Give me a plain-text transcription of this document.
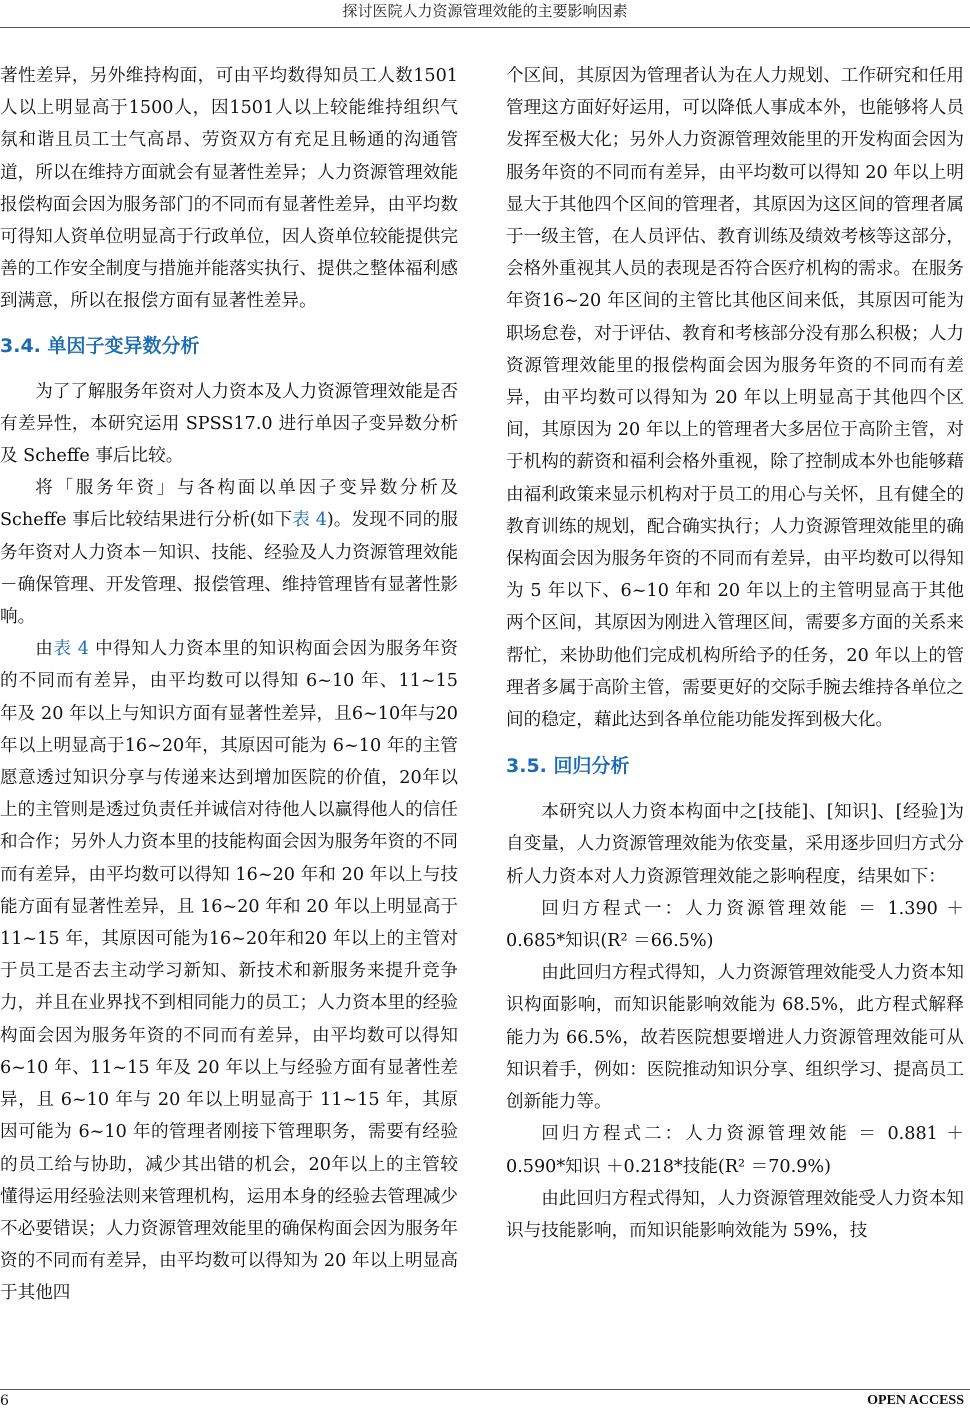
探讨医院人力资源管理效能的主要影响因素

著性差异，另外维持构面，可由平均数得知员工人数1501人以上明显高于1500人，因1501人以上较能维持组织气氛和谐且员工士气高昂、劳资双方有充足且畅通的沟通管道，所以在维持方面就会有显著性差异；人力资源管理效能报偿构面会因为服务部门的不同而有显著性差异，由平均数可得知人资单位明显高于行政单位，因人资单位较能提供完善的工作安全制度与措施并能落实执行、提供之整体福利感到满意，所以在报偿方面有显著性差异。

3.4. 单因子变异数分析

为了了解服务年资对人力资本及人力资源管理效能是否有差异性，本研究运用 SPSS17.0 进行单因子变异数分析及 Scheffe 事后比较。

将「服务年资」与各构面以单因子变异数分析及 Scheffe 事后比较结果进行分析(如下表 4)。发现不同的服务年资对人力资本－知识、技能、经验及人力资源管理效能－确保管理、开发管理、报偿管理、维持管理皆有显著性影响。

由表 4 中得知人力资本里的知识构面会因为服务年资的不同而有差异，由平均数可以得知 6~10 年、11~15 年及 20 年以上与知识方面有显著性差异，且6~10年与20年以上明显高于16~20年，其原因可能为 6~10 年的主管愿意透过知识分享与传递来达到增加医院的价值，20年以上的主管则是透过负责任并诚信对待他人以赢得他人的信任和合作；另外人力资本里的技能构面会因为服务年资的不同而有差异，由平均数可以得知 16~20 年和 20 年以上与技能方面有显著性差异，且 16~20 年和 20 年以上明显高于 11~15 年，其原因可能为16~20年和20 年以上的主管对于员工是否去主动学习新知、新技术和新服务来提升竞争力，并且在业界找不到相同能力的员工；人力资本里的经验构面会因为服务年资的不同而有差异，由平均数可以得知 6~10 年、11~15 年及 20 年以上与经验方面有显著性差异，且 6~10 年与 20 年以上明显高于 11~15 年，其原因可能为 6~10 年的管理者刚接下管理职务，需要有经验的员工给与协助，减少其出错的机会，20年以上的主管较懂得运用经验法则来管理机构，运用本身的经验去管理减少不必要错误；人力资源管理效能里的确保构面会因为服务年资的不同而有差异，由平均数可以得知为 20 年以上明显高于其他四

个区间，其原因为管理者认为在人力规划、工作研究和任用管理这方面好好运用，可以降低人事成本外，也能够将人员发挥至极大化；另外人力资源管理效能里的开发构面会因为服务年资的不同而有差异，由平均数可以得知 20 年以上明显大于其他四个区间的管理者，其原因为这区间的管理者属于一级主管，在人员评估、教育训练及绩效考核等这部分，会格外重视其人员的表现是否符合医疗机构的需求。在服务年资16~20 年区间的主管比其他区间来低，其原因可能为职场怠卷，对于评估、教育和考核部分没有那么积极；人力资源管理效能里的报偿构面会因为服务年资的不同而有差异，由平均数可以得知为 20 年以上明显高于其他四个区间，其原因为 20 年以上的管理者大多居位于高阶主管，对于机构的薪资和福利会格外重视，除了控制成本外也能够藉由福利政策来显示机构对于员工的用心与关怀，且有健全的教育训练的规划，配合确实执行；人力资源管理效能里的确保构面会因为服务年资的不同而有差异，由平均数可以得知为 5 年以下、6~10 年和 20 年以上的主管明显高于其他两个区间，其原因为刚进入管理区间，需要多方面的关系来帮忙，来协助他们完成机构所给予的任务，20 年以上的管理者多属于高阶主管，需要更好的交际手腕去维持各单位之间的稳定，藉此达到各单位能功能发挥到极大化。

3.5. 回归分析

本研究以人力资本构面中之[技能]、[知识]、[经验]为自变量，人力资源管理效能为依变量，采用逐步回归方式分析人力资本对人力资源管理效能之影响程度，结果如下：

回归方程式一：人力资源管理效能 ＝ 1.390 ＋ 0.685*知识(R² ＝66.5%)

由此回归方程式得知，人力资源管理效能受人力资本知识构面影响，而知识能影响效能为 68.5%，此方程式解释能力为 66.5%，故若医院想要增进人力资源管理效能可从知识着手，例如：医院推动知识分享、组织学习、提高员工创新能力等。

回归方程式二：人力资源管理效能 ＝ 0.881 ＋ 0.590*知识 ＋0.218*技能(R² ＝70.9%)

由此回归方程式得知，人力资源管理效能受人力资本知识与技能影响，而知识能影响效能为 59%，技

6	OPEN ACCESS
